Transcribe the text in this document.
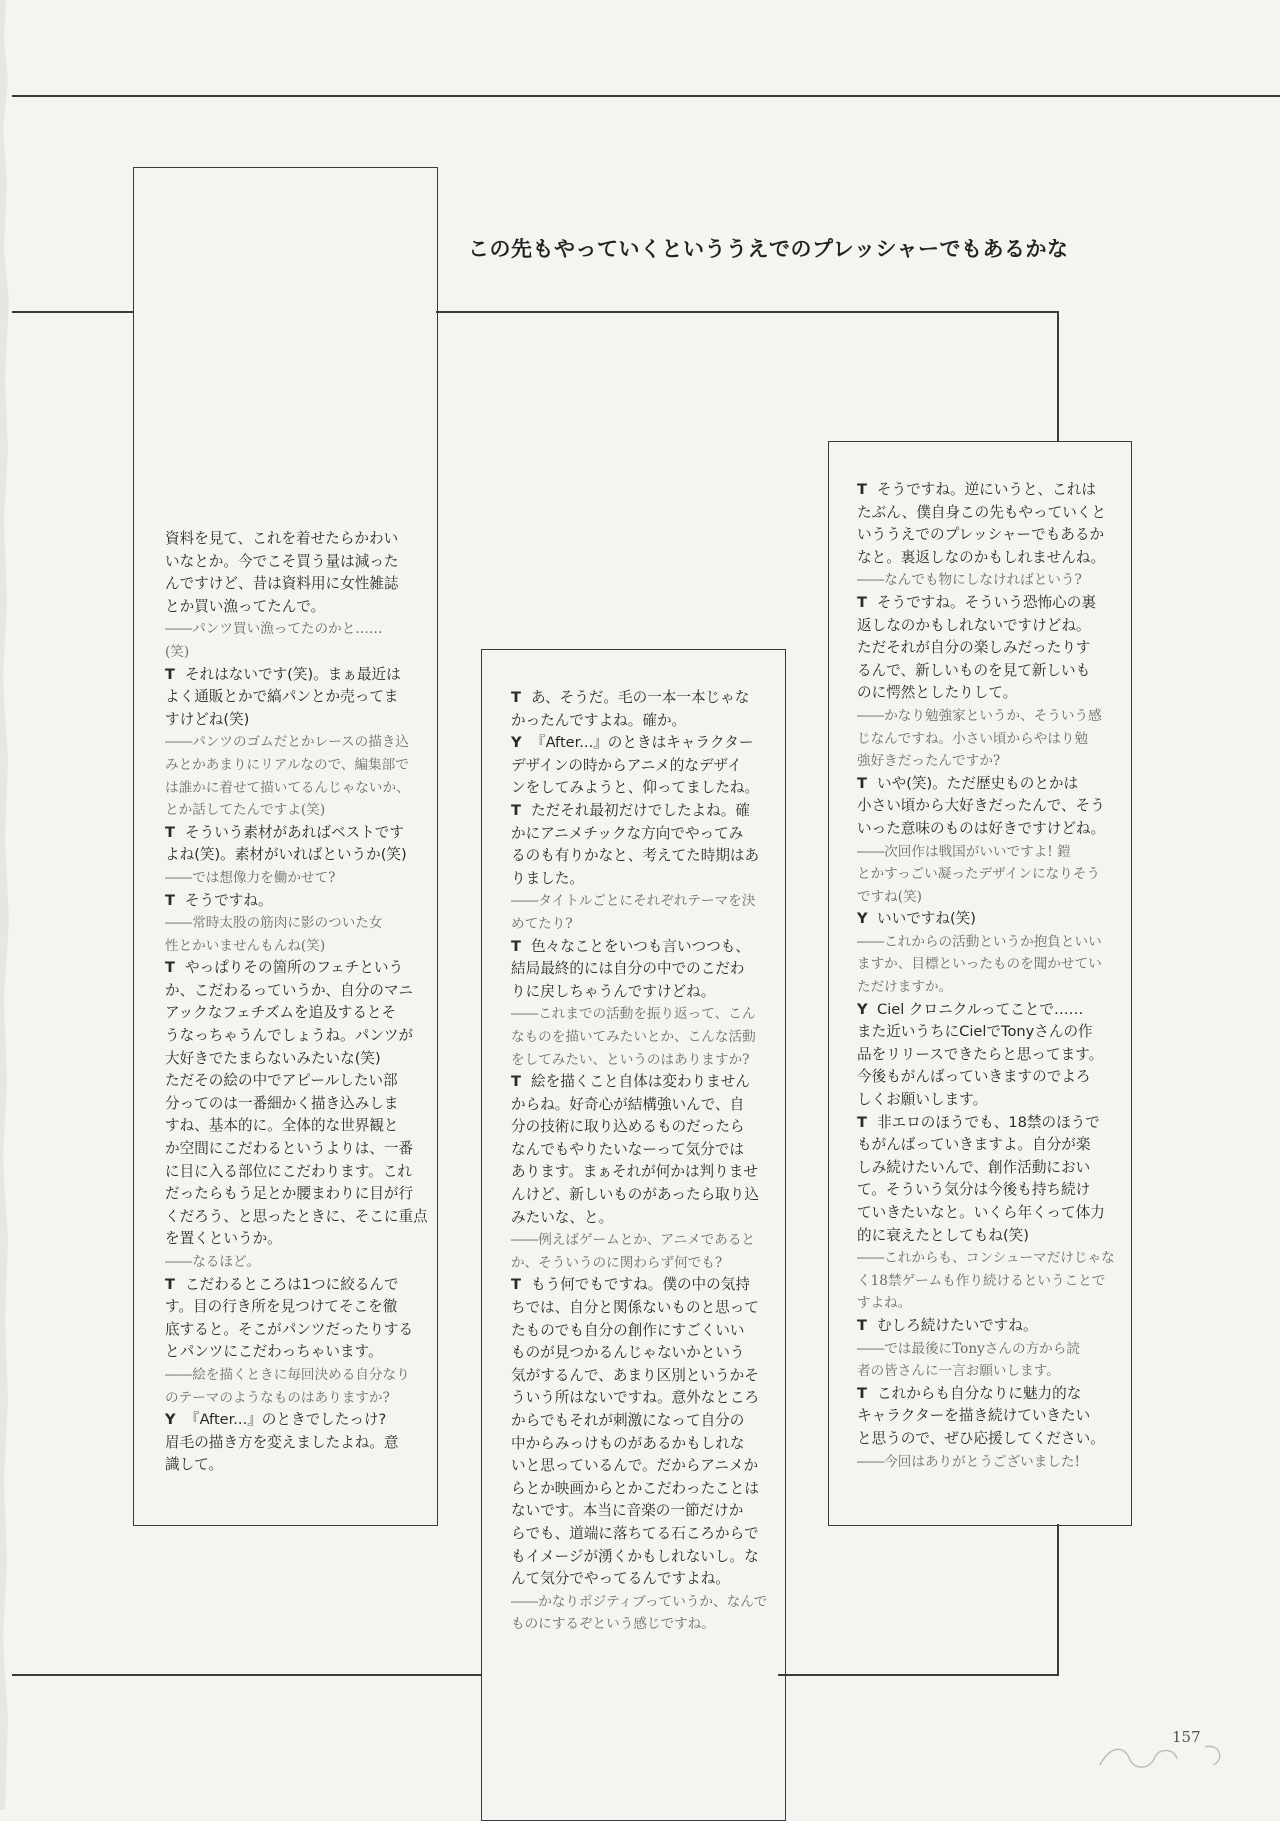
この先もやっていくといううえでのプレッシャーでもあるかな
資料を見て、これを着せたらかわい
いなとか。今でこそ買う量は減った
んですけど、昔は資料用に女性雑誌
とか買い漁ってたんで。
――パンツ買い漁ってたのかと……
(笑)
T それはないです(笑)。まぁ最近は
よく通販とかで縞パンとか売ってま
すけどね(笑)
――パンツのゴムだとかレースの描き込
みとかあまりにリアルなので、編集部で
は誰かに着せて描いてるんじゃないか、
とか話してたんですよ(笑)
T そういう素材があればベストです
よね(笑)。素材がいればというか(笑)
――では想像力を働かせて?
T そうですね。
――常時太股の筋肉に影のついた女
性とかいませんもんね(笑)
T やっぱりその箇所のフェチという
か、こだわるっていうか、自分のマニ
アックなフェチズムを追及するとそ
うなっちゃうんでしょうね。パンツが
大好きでたまらないみたいな(笑)
ただその絵の中でアピールしたい部
分ってのは一番細かく描き込みしま
すね、基本的に。全体的な世界観と
か空間にこだわるというよりは、一番
に目に入る部位にこだわります。これ
だったらもう足とか腰まわりに目が行
くだろう、と思ったときに、そこに重点
を置くというか。
――なるほど。
T こだわるところは1つに絞るんで
す。目の行き所を見つけてそこを徹
底すると。そこがパンツだったりする
とパンツにこだわっちゃいます。
――絵を描くときに毎回決める自分なり
のテーマのようなものはありますか?
Y 『After...』のときでしたっけ?
眉毛の描き方を変えましたよね。意
識して。
T あ、そうだ。毛の一本一本じゃな
かったんですよね。確か。
Y 『After...』のときはキャラクター
デザインの時からアニメ的なデザイ
ンをしてみようと、仰ってましたね。
T ただそれ最初だけでしたよね。確
かにアニメチックな方向でやってみ
るのも有りかなと、考えてた時期はあ
りました。
――タイトルごとにそれぞれテーマを決
めてたり?
T 色々なことをいつも言いつつも、
結局最終的には自分の中でのこだわ
りに戻しちゃうんですけどね。
――これまでの活動を振り返って、こん
なものを描いてみたいとか、こんな活動
をしてみたい、というのはありますか?
T 絵を描くこと自体は変わりません
からね。好奇心が結構強いんで、自
分の技術に取り込めるものだったら
なんでもやりたいなーって気分では
あります。まぁそれが何かは判りませ
んけど、新しいものがあったら取り込
みたいな、と。
――例えばゲームとか、アニメであると
か、そういうのに関わらず何でも?
T もう何でもですね。僕の中の気持
ちでは、自分と関係ないものと思って
たものでも自分の創作にすごくいい
ものが見つかるんじゃないかという
気がするんで、あまり区別というかそ
ういう所はないですね。意外なところ
からでもそれが刺激になって自分の
中からみっけものがあるかもしれな
いと思っているんで。だからアニメか
らとか映画からとかこだわったことは
ないです。本当に音楽の一節だけか
らでも、道端に落ちてる石ころからで
もイメージが湧くかもしれないし。な
んて気分でやってるんですよね。
――かなりポジティブっていうか、なんで
ものにするぞという感じですね。
T そうですね。逆にいうと、これは
たぶん、僕自身この先もやっていくと
いううえでのプレッシャーでもあるか
なと。裏返しなのかもしれませんね。
――なんでも物にしなければという?
T そうですね。そういう恐怖心の裏
返しなのかもしれないですけどね。
ただそれが自分の楽しみだったりす
るんで、新しいものを見て新しいも
のに愕然としたりして。
――かなり勉強家というか、そういう感
じなんですね。小さい頃からやはり勉
強好きだったんですか?
T いや(笑)。ただ歴史ものとかは
小さい頃から大好きだったんで、そう
いった意味のものは好きですけどね。
――次回作は戦国がいいですよ! 鎧
とかすっごい凝ったデザインになりそう
ですね(笑)
Y いいですね(笑)
――これからの活動というか抱負といい
ますか、目標といったものを聞かせてい
ただけますか。
Y Ciel クロニクルってことで……
また近いうちにCielでTonyさんの作
品をリリースできたらと思ってます。
今後もがんばっていきますのでよろ
しくお願いします。
T 非エロのほうでも、18禁のほうで
もがんばっていきますよ。自分が楽
しみ続けたいんで、創作活動におい
て。そういう気分は今後も持ち続け
ていきたいなと。いくら年くって体力
的に衰えたとしてもね(笑)
――これからも、コンシューマだけじゃな
く18禁ゲームも作り続けるということで
すよね。
T むしろ続けたいですね。
――では最後にTonyさんの方から読
者の皆さんに一言お願いします。
T これからも自分なりに魅力的な
キャラクターを描き続けていきたい
と思うので、ぜひ応援してください。
――今回はありがとうございました!
157
